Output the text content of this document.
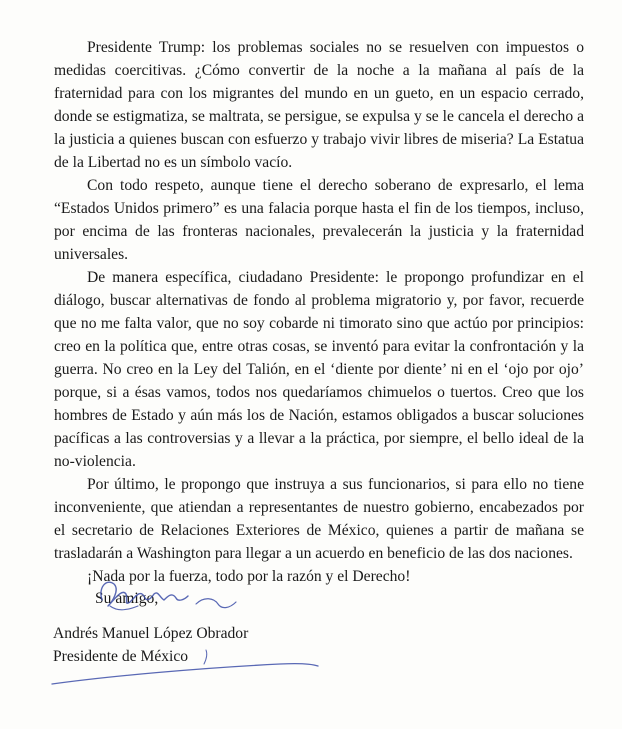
Presidente Trump: los problemas sociales no se resuelven con impuestos o medidas coercitivas. ¿Cómo convertir de la noche a la mañana al país de la fraternidad para con los migrantes del mundo en un gueto, en un espacio cerrado, donde se estigmatiza, se maltrata, se persigue, se expulsa y se le cancela el derecho a la justicia a quienes buscan con esfuerzo y trabajo vivir libres de miseria? La Estatua de la Libertad no es un símbolo vacío.

Con todo respeto, aunque tiene el derecho soberano de expresarlo, el lema “Estados Unidos primero” es una falacia porque hasta el fin de los tiempos, incluso, por encima de las fronteras nacionales, prevalecerán la justicia y la fraternidad universales.

De manera específica, ciudadano Presidente: le propongo profundizar en el diálogo, buscar alternativas de fondo al problema migratorio y, por favor, recuerde que no me falta valor, que no soy cobarde ni timorato sino que actúo por principios: creo en la política que, entre otras cosas, se inventó para evitar la confrontación y la guerra. No creo en la Ley del Talión, en el ‘diente por diente’ ni en el ‘ojo por ojo’ porque, si a ésas vamos, todos nos quedaríamos chimuelos o tuertos. Creo que los hombres de Estado y aún más los de Nación, estamos obligados a buscar soluciones pacíficas a las controversias y a llevar a la práctica, por siempre, el bello ideal de la no-violencia.

Por último, le propongo que instruya a sus funcionarios, si para ello no tiene inconveniente, que atiendan a representantes de nuestro gobierno, encabezados por el secretario de Relaciones Exteriores de México, quienes a partir de mañana se trasladarán a Washington para llegar a un acuerdo en beneficio de las dos naciones.

¡Nada por la fuerza, todo por la razón y el Derecho!

Su amigo,
Andrés Manuel López Obrador
Presidente de México
